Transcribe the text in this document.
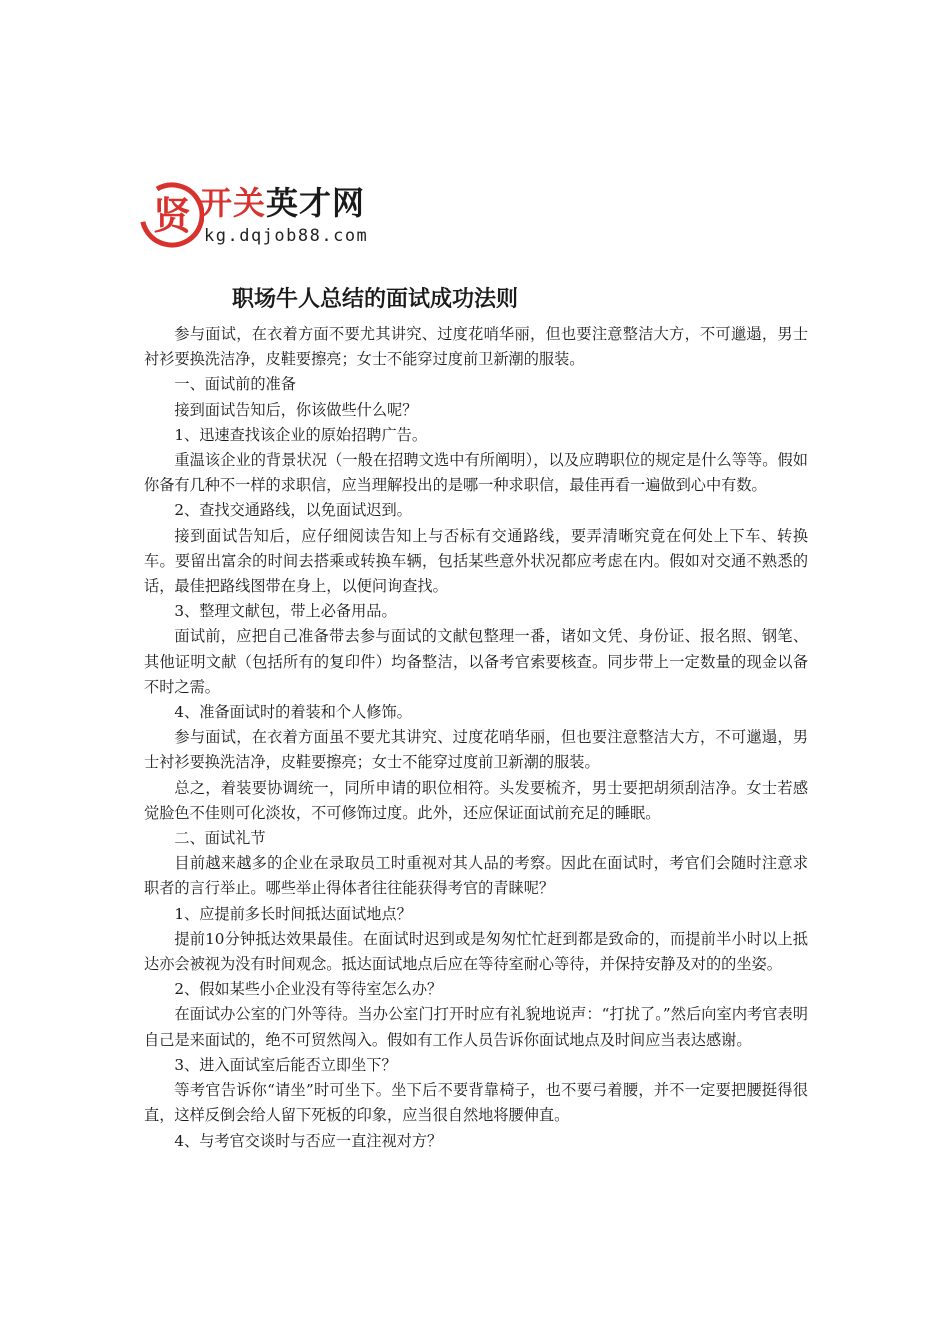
贤 开关英才网
kg.dqjob88.com
职场牛人总结的面试成功法则

参与面试，在衣着方面不要尤其讲究、过度花哨华丽，但也要注意整洁大方，不可邋遢，男士衬衫要换洗洁净，皮鞋要擦亮；女士不能穿过度前卫新潮的服装。

一、面试前的准备

接到面试告知后，你该做些什么呢？

1、迅速查找该企业的原始招聘广告。

重温该企业的背景状况（一般在招聘文选中有所阐明），以及应聘职位的规定是什么等等。假如你备有几种不一样的求职信，应当理解投出的是哪一种求职信，最佳再看一遍做到心中有数。

2、查找交通路线，以免面试迟到。

接到面试告知后，应仔细阅读告知上与否标有交通路线，要弄清晰究竟在何处上下车、转换车。要留出富余的时间去搭乘或转换车辆，包括某些意外状况都应考虑在内。假如对交通不熟悉的话，最佳把路线图带在身上，以便问询查找。

3、整理文献包，带上必备用品。

面试前，应把自己准备带去参与面试的文献包整理一番，诸如文凭、身份证、报名照、钢笔、其他证明文献（包括所有的复印件）均备整洁，以备考官索要核查。同步带上一定数量的现金以备不时之需。

4、准备面试时的着装和个人修饰。

参与面试，在衣着方面虽不要尤其讲究、过度花哨华丽，但也要注意整洁大方，不可邋遢，男士衬衫要换洗洁净，皮鞋要擦亮；女士不能穿过度前卫新潮的服装。

总之，着装要协调统一，同所申请的职位相符。头发要梳齐，男士要把胡须刮洁净。女士若感觉脸色不佳则可化淡妆，不可修饰过度。此外，还应保证面试前充足的睡眠。

二、面试礼节

目前越来越多的企业在录取员工时重视对其人品的考察。因此在面试时，考官们会随时注意求职者的言行举止。哪些举止得体者往往能获得考官的青睐呢？

1、应提前多长时间抵达面试地点？

提前10分钟抵达效果最佳。在面试时迟到或是匆匆忙忙赶到都是致命的，而提前半小时以上抵达亦会被视为没有时间观念。抵达面试地点后应在等待室耐心等待，并保持安静及对的的坐姿。

2、假如某些小企业没有等待室怎么办？

在面试办公室的门外等待。当办公室门打开时应有礼貌地说声：“打扰了。”然后向室内考官表明自己是来面试的，绝不可贸然闯入。假如有工作人员告诉你面试地点及时间应当表达感谢。

3、进入面试室后能否立即坐下？

等考官告诉你“请坐”时可坐下。坐下后不要背靠椅子，也不要弓着腰，并不一定要把腰挺得很直，这样反倒会给人留下死板的印象，应当很自然地将腰伸直。

4、与考官交谈时与否应一直注视对方？
